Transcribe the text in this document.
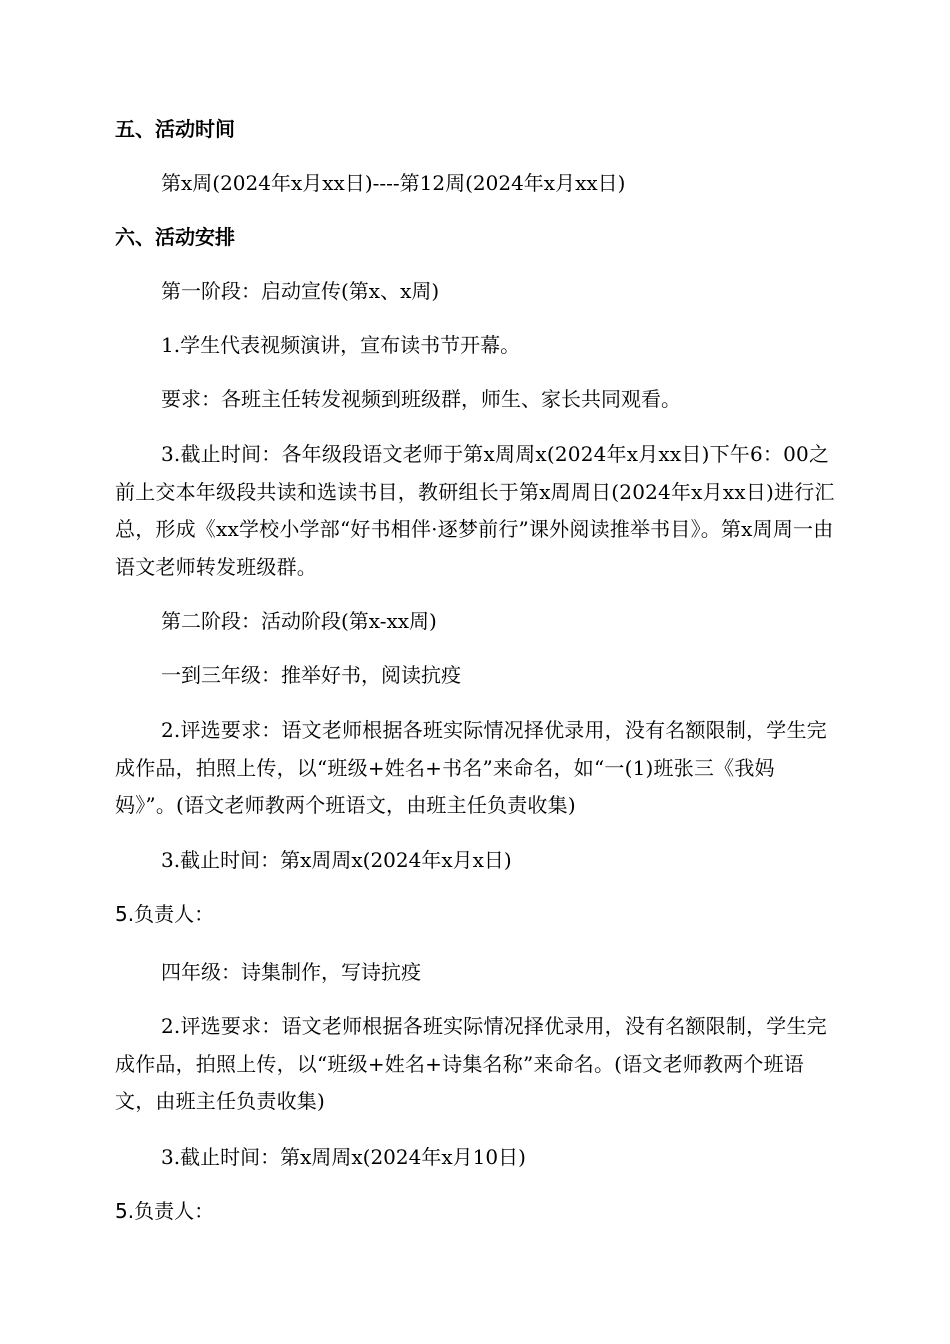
五、活动时间

第x周(2024年x月xx日)----第12周(2024年x月xx日)

六、活动安排

第一阶段：启动宣传(第x、x周)

1.学生代表视频演讲，宣布读书节开幕。

要求：各班主任转发视频到班级群，师生、家长共同观看。

3.截止时间：各年级段语文老师于第x周周x(2024年x月xx日)下午6：00之前上交本年级段共读和选读书目，教研组长于第x周周日(2024年x月xx日)进行汇总，形成《xx学校小学部“好书相伴·逐梦前行”课外阅读推举书目》。第x周周一由语文老师转发班级群。

第二阶段：活动阶段(第x-xx周)

一到三年级：推举好书，阅读抗疫

2.评选要求：语文老师根据各班实际情况择优录用，没有名额限制，学生完成作品，拍照上传，以“班级+姓名+书名”来命名，如“一(1)班张三《我妈妈》”。(语文老师教两个班语文，由班主任负责收集)

3.截止时间：第x周周x(2024年x月x日)

5.负责人：

四年级：诗集制作，写诗抗疫

2.评选要求：语文老师根据各班实际情况择优录用，没有名额限制，学生完成作品，拍照上传，以“班级+姓名+诗集名称”来命名。(语文老师教两个班语文，由班主任负责收集)

3.截止时间：第x周周x(2024年x月10日)

5.负责人：
